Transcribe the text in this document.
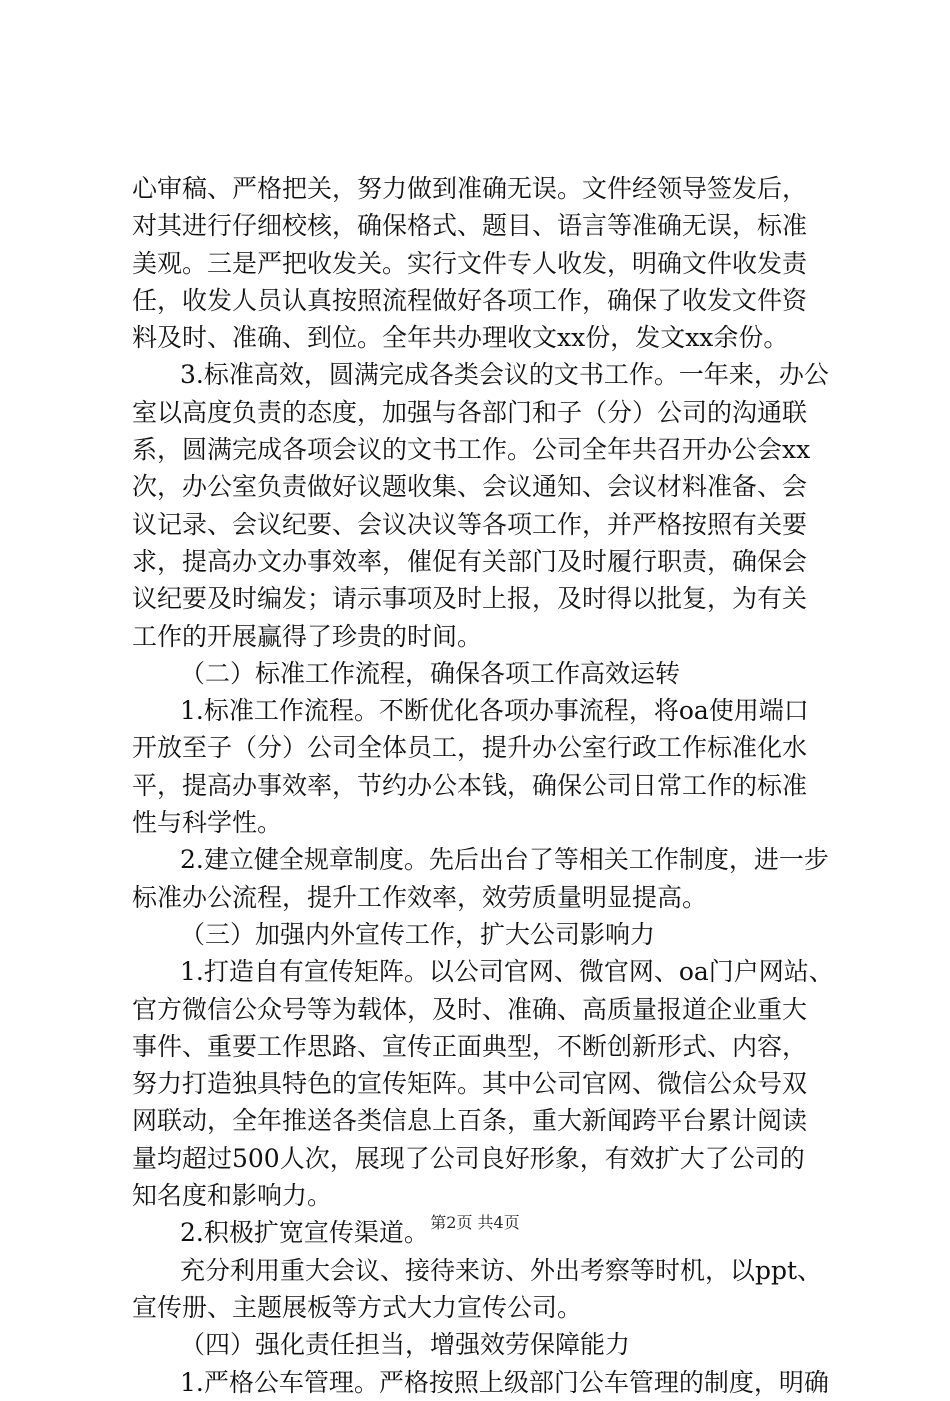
心审稿、严格把关，努力做到准确无误。文件经领导签发后，
对其进行仔细校核，确保格式、题目、语言等准确无误，标准
美观。三是严把收发关。实行文件专人收发，明确文件收发责
任，收发人员认真按照流程做好各项工作，确保了收发文件资
料及时、准确、到位。全年共办理收文xx份，发文xx余份。
3.标准高效，圆满完成各类会议的文书工作。一年来，办公
室以高度负责的态度，加强与各部门和子（分）公司的沟通联
系，圆满完成各项会议的文书工作。公司全年共召开办公会xx
次，办公室负责做好议题收集、会议通知、会议材料准备、会
议记录、会议纪要、会议决议等各项工作，并严格按照有关要
求，提高办文办事效率，催促有关部门及时履行职责，确保会
议纪要及时编发；请示事项及时上报，及时得以批复，为有关
工作的开展赢得了珍贵的时间。
（二）标准工作流程，确保各项工作高效运转
1.标准工作流程。不断优化各项办事流程，将oa使用端口
开放至子（分）公司全体员工，提升办公室行政工作标准化水
平，提高办事效率，节约办公本钱，确保公司日常工作的标准
性与科学性。
2.建立健全规章制度。先后出台了等相关工作制度，进一步
标准办公流程，提升工作效率，效劳质量明显提高。
（三）加强内外宣传工作，扩大公司影响力
1.打造自有宣传矩阵。以公司官网、微官网、oa门户网站、
官方微信公众号等为载体，及时、准确、高质量报道企业重大
事件、重要工作思路、宣传正面典型，不断创新形式、内容，
努力打造独具特色的宣传矩阵。其中公司官网、微信公众号双
网联动，全年推送各类信息上百条，重大新闻跨平台累计阅读
量均超过500人次，展现了公司良好形象，有效扩大了公司的
知名度和影响力。
2.积极扩宽宣传渠道。
充分利用重大会议、接待来访、外出考察等时机，以ppt、
宣传册、主题展板等方式大力宣传公司。
（四）强化责任担当，增强效劳保障能力
1.严格公车管理。严格按照上级部门公车管理的制度，明确
第2页 共4页
